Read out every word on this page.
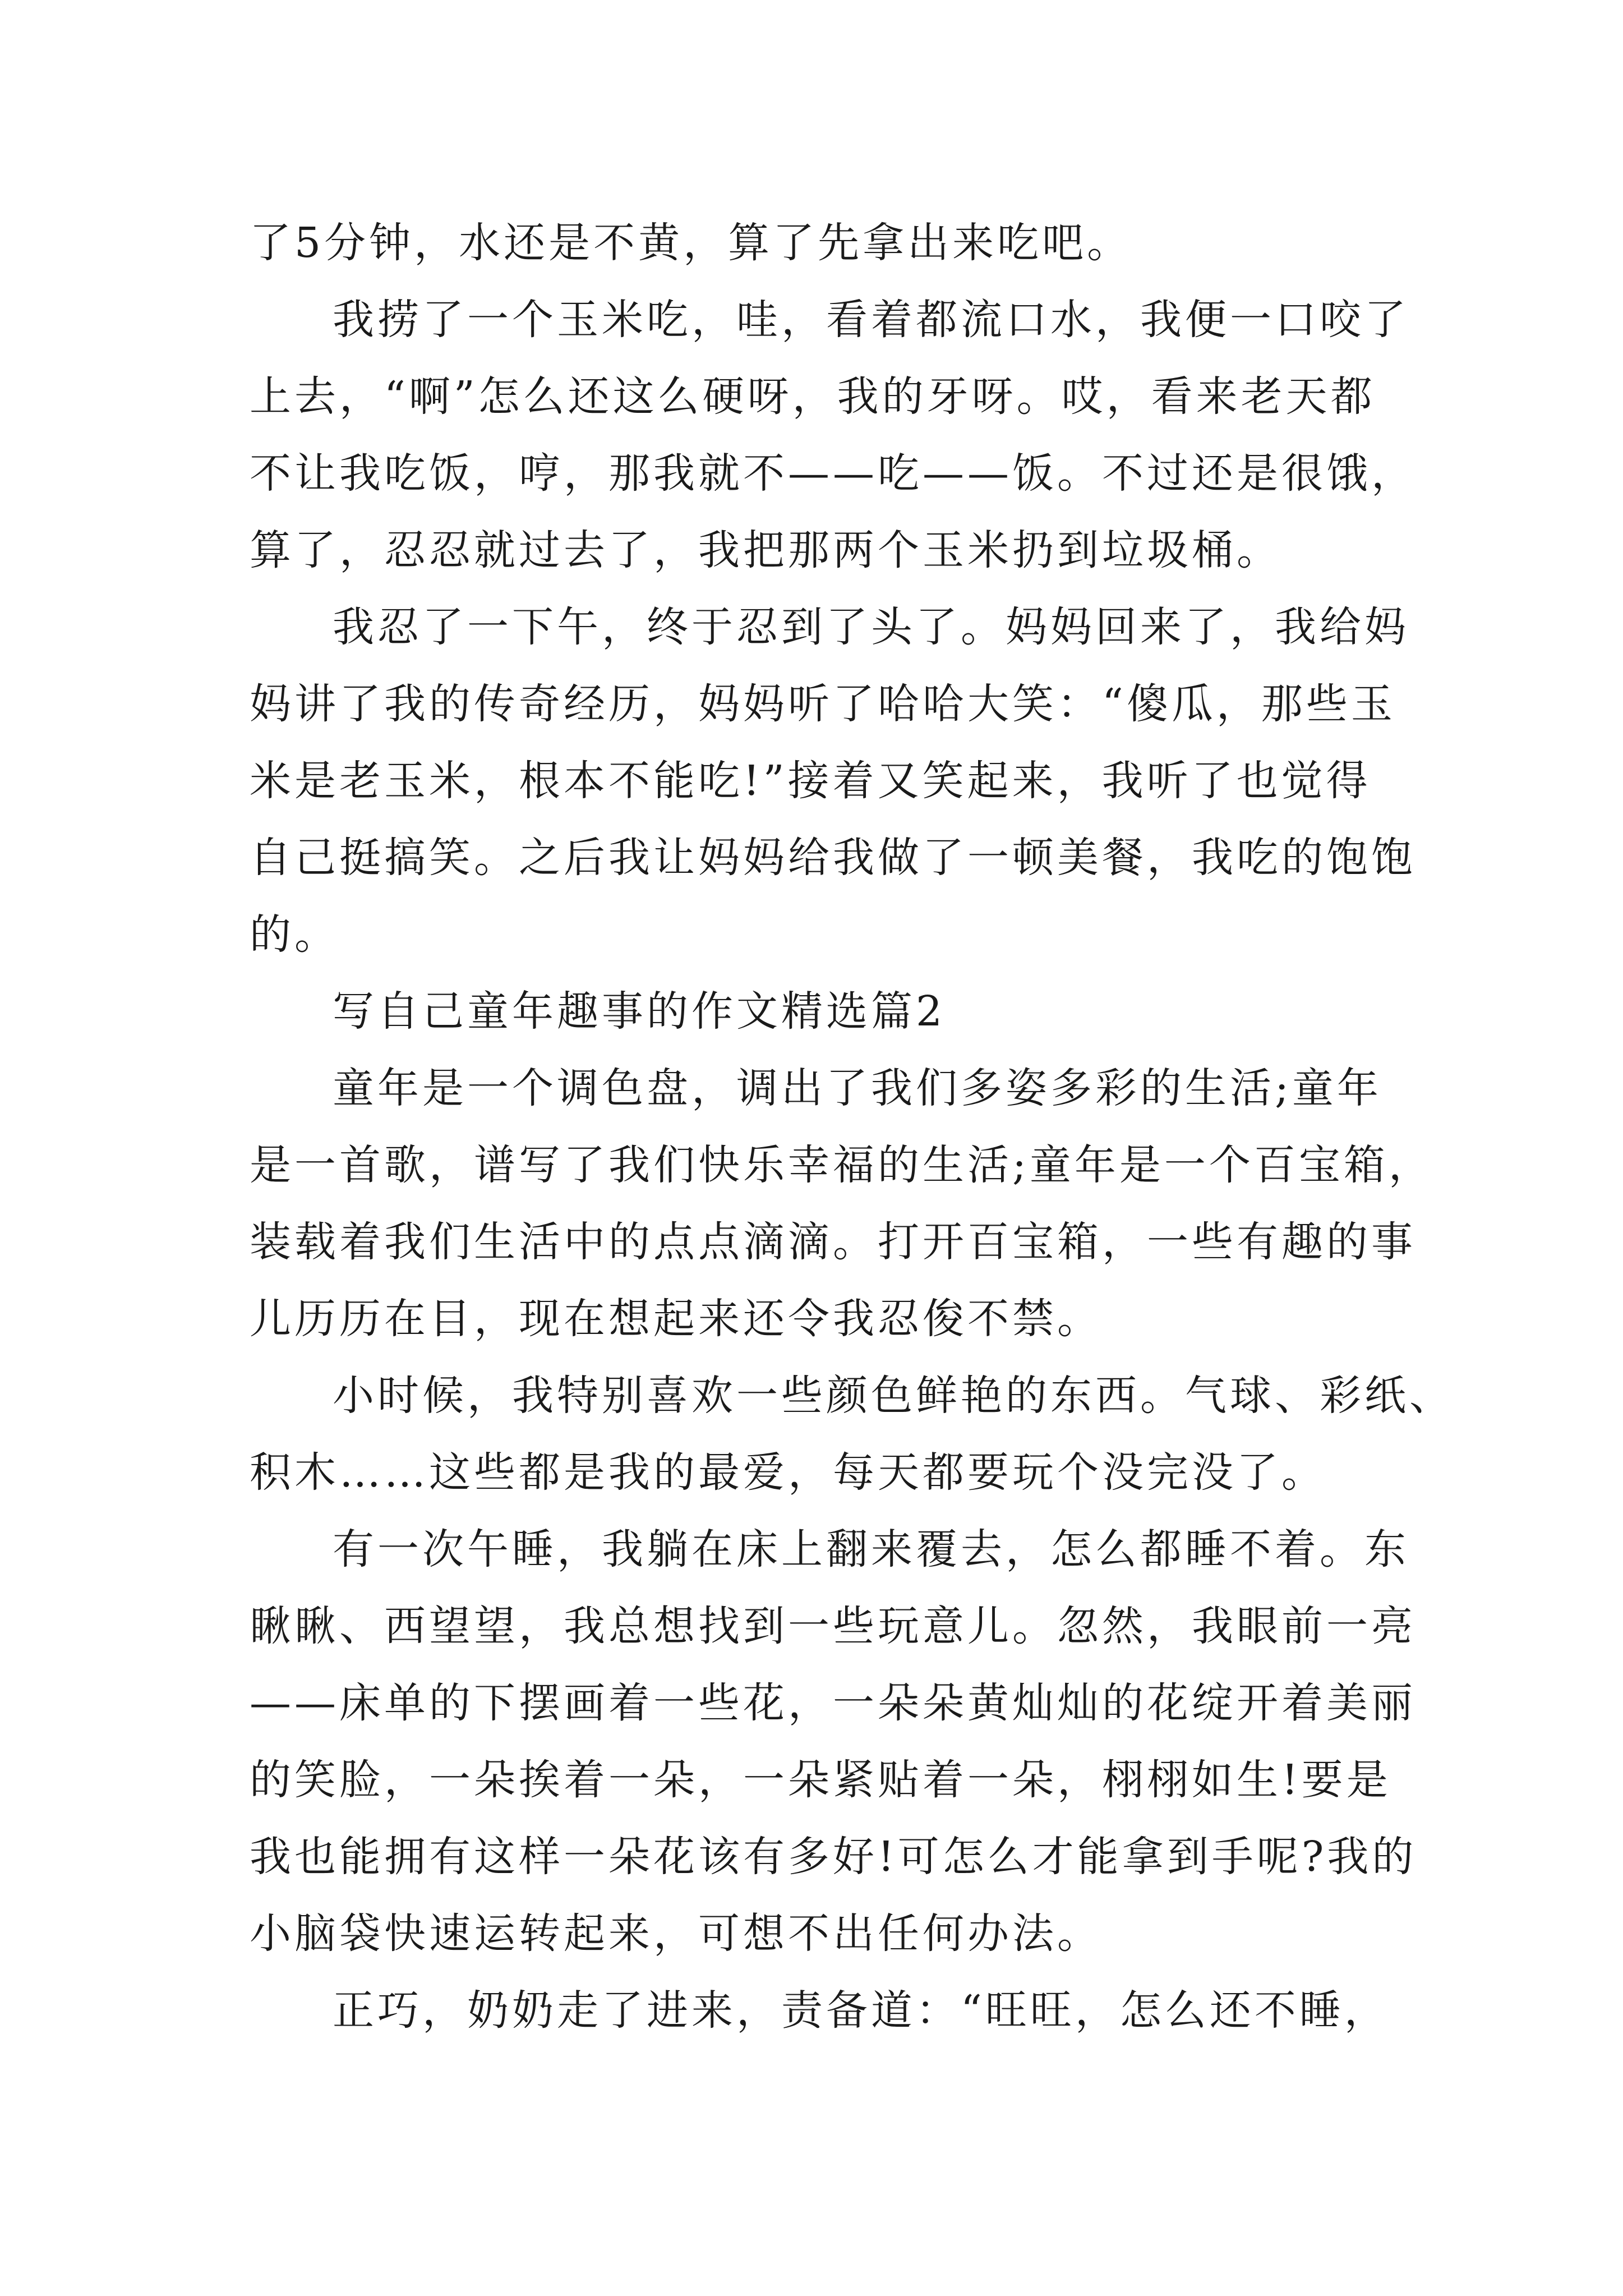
了5分钟，水还是不黄，算了先拿出来吃吧。
我捞了一个玉米吃，哇，看着都流口水，我便一口咬了
上去，“啊”怎么还这么硬呀，我的牙呀。哎，看来老天都
不让我吃饭，哼，那我就不——吃——饭。不过还是很饿，
算了，忍忍就过去了，我把那两个玉米扔到垃圾桶。
我忍了一下午，终于忍到了头了。妈妈回来了，我给妈
妈讲了我的传奇经历，妈妈听了哈哈大笑：“傻瓜，那些玉
米是老玉米，根本不能吃!”接着又笑起来，我听了也觉得
自己挺搞笑。之后我让妈妈给我做了一顿美餐，我吃的饱饱
的。
写自己童年趣事的作文精选篇2
童年是一个调色盘，调出了我们多姿多彩的生活;童年
是一首歌，谱写了我们快乐幸福的生活;童年是一个百宝箱，
装载着我们生活中的点点滴滴。打开百宝箱，一些有趣的事
儿历历在目，现在想起来还令我忍俊不禁。
小时候，我特别喜欢一些颜色鲜艳的东西。气球、彩纸、
积木……这些都是我的最爱，每天都要玩个没完没了。
有一次午睡，我躺在床上翻来覆去，怎么都睡不着。东
瞅瞅、西望望，我总想找到一些玩意儿。忽然，我眼前一亮
——床单的下摆画着一些花，一朵朵黄灿灿的花绽开着美丽
的笑脸，一朵挨着一朵，一朵紧贴着一朵，栩栩如生!要是
我也能拥有这样一朵花该有多好!可怎么才能拿到手呢?我的
小脑袋快速运转起来，可想不出任何办法。
正巧，奶奶走了进来，责备道：“旺旺，怎么还不睡，
